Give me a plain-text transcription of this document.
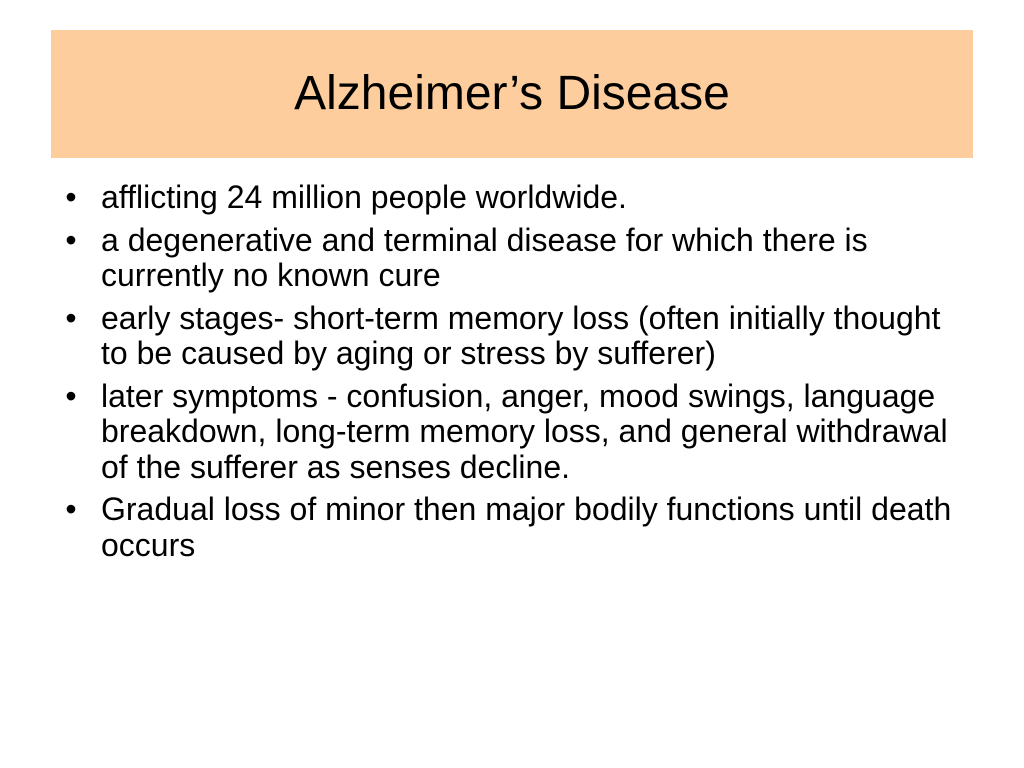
Alzheimer’s Disease
• afflicting 24 million people worldwide.
• a degenerative and terminal disease for which there is currently no known cure
• early stages- short-term memory loss (often initially thought to be caused by aging or stress by sufferer)
• later symptoms - confusion, anger, mood swings, language breakdown, long-term memory loss, and general withdrawal of the sufferer as senses decline.
• Gradual loss of minor then major bodily functions until death occurs
